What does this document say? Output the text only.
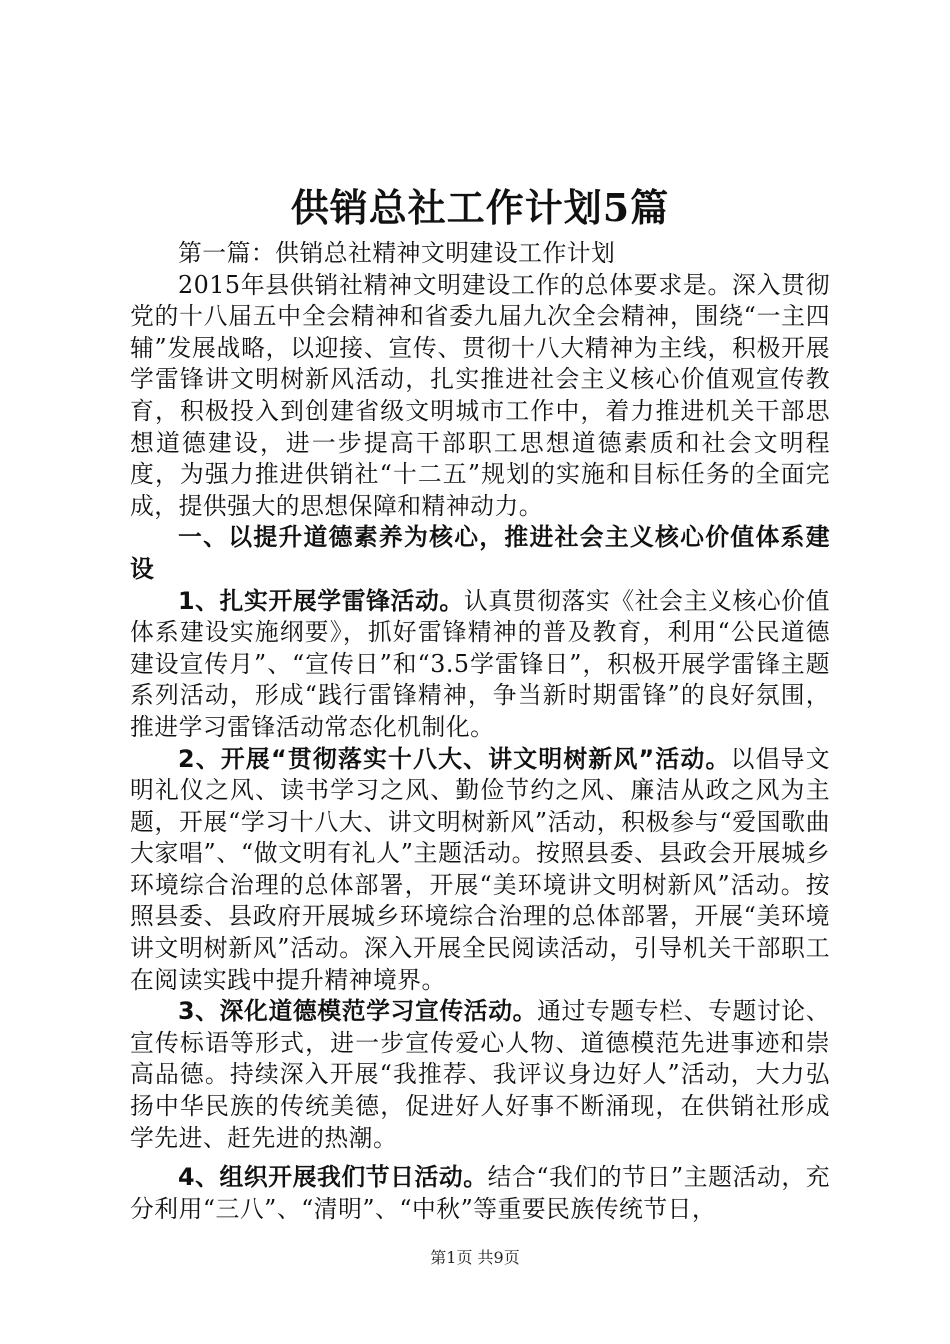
供销总社工作计划5篇

第一篇：供销总社精神文明建设工作计划

2015年县供销社精神文明建设工作的总体要求是。深入贯彻党的十八届五中全会精神和省委九届九次全会精神，围绕“一主四辅”发展战略，以迎接、宣传、贯彻十八大精神为主线，积极开展学雷锋讲文明树新风活动，扎实推进社会主义核心价值观宣传教育，积极投入到创建省级文明城市工作中，着力推进机关干部思想道德建设，进一步提高干部职工思想道德素质和社会文明程度，为强力推进供销社“十二五”规划的实施和目标任务的全面完成，提供强大的思想保障和精神动力。

一、以提升道德素养为核心，推进社会主义核心价值体系建设

1、扎实开展学雷锋活动。认真贯彻落实《社会主义核心价值体系建设实施纲要》，抓好雷锋精神的普及教育，利用“公民道德建设宣传月”、“宣传日”和“3.5学雷锋日”，积极开展学雷锋主题系列活动，形成“践行雷锋精神，争当新时期雷锋”的良好氛围，推进学习雷锋活动常态化机制化。

2、开展“贯彻落实十八大、讲文明树新风”活动。以倡导文明礼仪之风、读书学习之风、勤俭节约之风、廉洁从政之风为主题，开展“学习十八大、讲文明树新风”活动，积极参与“爱国歌曲大家唱”、“做文明有礼人”主题活动。按照县委、县政会开展城乡环境综合治理的总体部署，开展“美环境讲文明树新风”活动。按照县委、县政府开展城乡环境综合治理的总体部署，开展“美环境讲文明树新风”活动。深入开展全民阅读活动，引导机关干部职工在阅读实践中提升精神境界。

3、深化道德模范学习宣传活动。通过专题专栏、专题讨论、宣传标语等形式，进一步宣传爱心人物、道德模范先进事迹和崇高品德。持续深入开展“我推荐、我评议身边好人”活动，大力弘扬中华民族的传统美德，促进好人好事不断涌现，在供销社形成学先进、赶先进的热潮。

4、组织开展我们节日活动。结合“我们的节日”主题活动，充分利用“三八”、“清明”、“中秋”等重要民族传统节日，

第1页 共9页
